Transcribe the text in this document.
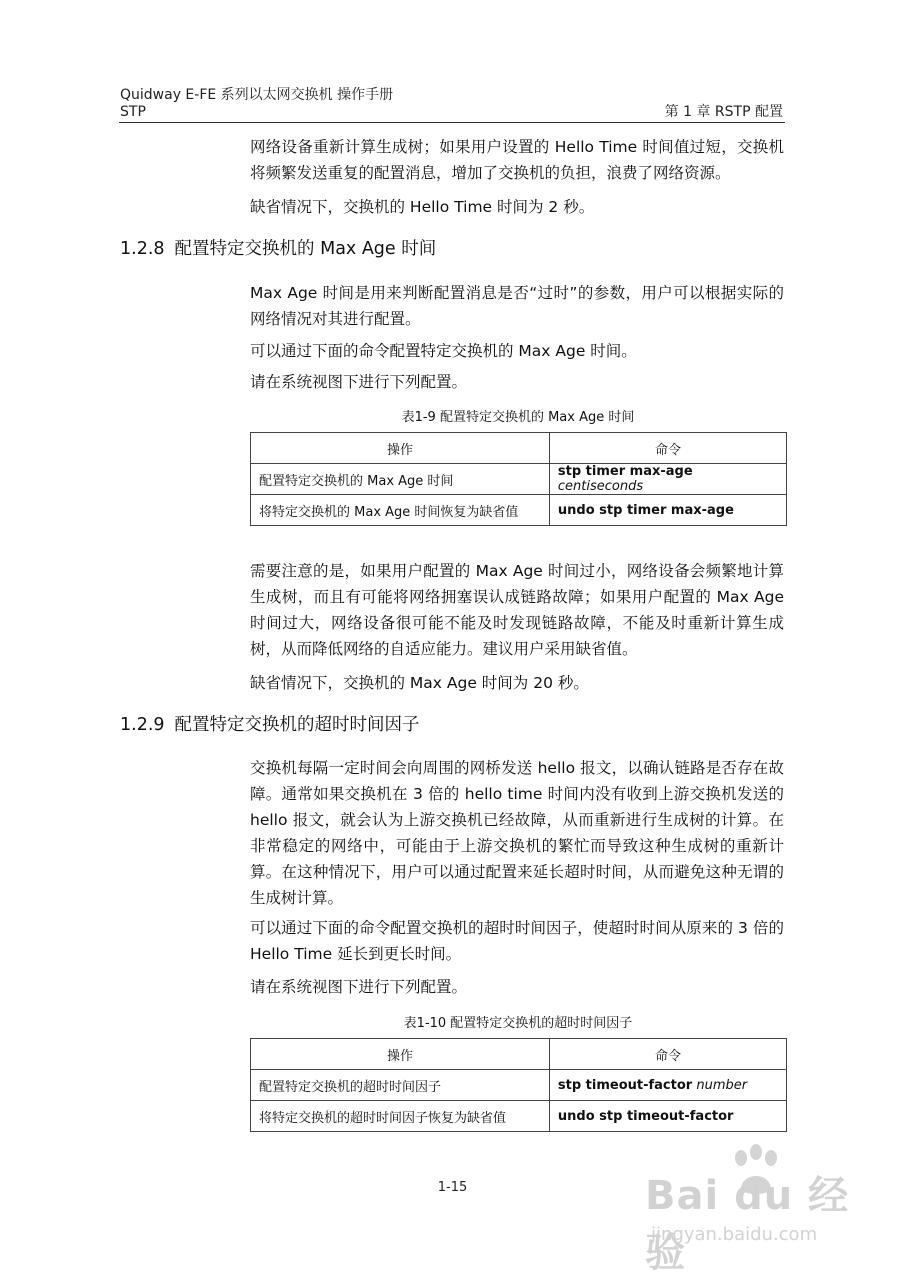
Quidway E-FE 系列以太网交换机 操作手册
STP	第 1 章 RSTP 配置

网络设备重新计算生成树；如果用户设置的 Hello Time 时间值过短，交换机将频繁发送重复的配置消息，增加了交换机的负担，浪费了网络资源。

缺省情况下，交换机的 Hello Time 时间为 2 秒。

1.2.8 配置特定交换机的 Max Age 时间

Max Age 时间是用来判断配置消息是否“过时”的参数，用户可以根据实际的网络情况对其进行配置。

可以通过下面的命令配置特定交换机的 Max Age 时间。

请在系统视图下进行下列配置。

表1-9 配置特定交换机的 Max Age 时间
操作	命令
配置特定交换机的 Max Age 时间	stp timer max-age centiseconds
将特定交换机的 Max Age 时间恢复为缺省值	undo stp timer max-age

需要注意的是，如果用户配置的 Max Age 时间过小，网络设备会频繁地计算生成树，而且有可能将网络拥塞误认成链路故障；如果用户配置的 Max Age 时间过大，网络设备很可能不能及时发现链路故障，不能及时重新计算生成树，从而降低网络的自适应能力。建议用户采用缺省值。

缺省情况下，交换机的 Max Age 时间为 20 秒。

1.2.9 配置特定交换机的超时时间因子

交换机每隔一定时间会向周围的网桥发送 hello 报文，以确认链路是否存在故障。通常如果交换机在 3 倍的 hello time 时间内没有收到上游交换机发送的 hello 报文，就会认为上游交换机已经故障，从而重新进行生成树的计算。在非常稳定的网络中，可能由于上游交换机的繁忙而导致这种生成树的重新计算。在这种情况下，用户可以通过配置来延长超时时间，从而避免这种无谓的生成树计算。

可以通过下面的命令配置交换机的超时时间因子，使超时时间从原来的 3 倍的 Hello Time 延长到更长时间。

请在系统视图下进行下列配置。

表1-10 配置特定交换机的超时时间因子
操作	命令
配置特定交换机的超时时间因子	stp timeout-factor number
将特定交换机的超时时间因子恢复为缺省值	undo stp timeout-factor
1-15	Bai du 经验
jingyan.baidu.com
